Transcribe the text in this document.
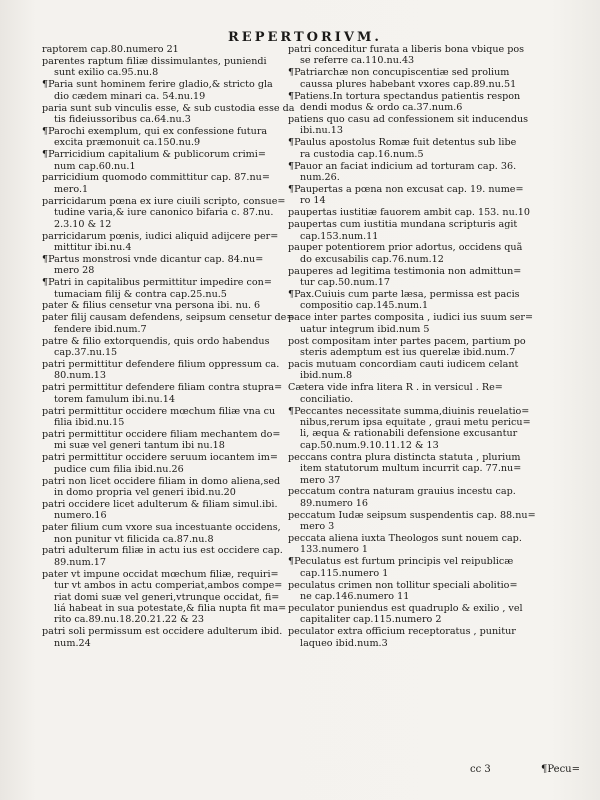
REPERTORIVM.
raptorem cap.80.numero 21
parentes raptum filiæ dissimulantes, puniendi

sunt exilio ca.95.nu.8
¶Paria sunt hominem ferire gladio,& stricto gla

dio cædem minari ca. 54.nu.19
paria sunt sub vinculis esse, & sub custodia esse da

tis fideiussoribus ca.64.nu.3
¶Parochi exemplum, qui ex confessione futura

excita præmonuit ca.150.nu.9
¶Parricidium capitalium & publicorum crimi=

num cap.60.nu.1
parricidium quomodo committitur cap. 87.nu=

mero.1
parricidarum pœna ex iure ciuili scripto, consue=

tudine varia,& iure canonico bifaria c. 87.nu.
2.3.10 & 12
parricidarum pœnis, iudici aliquid adijcere per=

mittitur ibi.nu.4
¶Partus monstrosi vnde dicantur cap. 84.nu=

mero 28
¶Patri in capitalibus permittitur impedire con=

tumaciam filij & contra cap.25.nu.5
pater & filius censetur vna persona ibi. nu. 6
pater filij causam defendens, seipsum censetur de=

fendere ibid.num.7
patre & filio extorquendis, quis ordo habendus

cap.37.nu.15
patri permittitur defendere filium oppressum ca.

80.num.13
patri permittitur defendere filiam contra stupra=

torem famulum ibi.nu.14
patri permittitur occidere mœchum filiæ vna cu

filia ibid.nu.15
patri permittitur occidere filiam mechantem do=

mi suæ vel generi tantum ibi nu.18
patri permittitur occidere seruum iocantem im=

pudice cum filia ibid.nu.26
patri non licet occidere filiam in domo aliena,sed

in domo propria vel generi ibid.nu.20
patri occidere licet adulterum & filiam simul.ibi.

numero.16
pater filium cum vxore sua incestuante occidens,

non punitur vt filicida ca.87.nu.8
patri adulterum filiæ in actu ius est occidere cap.

89.num.17
pater vt impune occidat mœchum filiæ, requiri=

tur vt ambos in actu comperiat,ambos compe=
riat domi suæ vel generi,vtrunque occidat, fi=
liá habeat in sua potestate,& filia nupta fit ma=
rito ca.89.nu.18.20.21.22 & 23
patri soli permissum est occidere adulterum ibid.

num.24
patri conceditur furata a liberis bona vbique pos

se referre ca.110.nu.43
¶Patriarchæ non concupiscentiæ sed prolium

caussa plures habebant vxores cap.89.nu.51
¶Patiens.In tortura spectandus patientis respon

dendi modus & ordo ca.37.num.6
patiens quo casu ad confessionem sit inducendus

ibi.nu.13
¶Paulus apostolus Romæ fuit detentus sub libe

ra custodia cap.16.num.5
¶Pauor an faciat indicium ad torturam cap. 36.

num.26.
¶Paupertas a pœna non excusat cap. 19. nume=

ro 14
paupertas iustitiæ fauorem ambit cap. 153. nu.10
paupertas cum iustitia mundana scripturis agit

cap.153.num.11
pauper potentiorem prior adortus, occidens quã

do excusabilis cap.76.num.12
pauperes ad legitima testimonia non admittun=

tur cap.50.num.17
¶Pax.Cuiuis cum parte læsa, permissa est pacis

compositio cap.145.num.1
pace inter partes composita , iudici ius suum ser=

uatur integrum ibid.num 5
post compositam inter partes pacem, partium po

steris ademptum est ius querelæ ibid.num.7
pacis mutuam concordiam cauti iudicem celant

ibid.num.8
Cætera vide infra litera R . in versicul . Re=

conciliatio.
¶Peccantes necessitate summa,diuinis reuelatio=

nibus,rerum ipsa equitate , graui metu pericu=
li, æqua & rationabili defensione excusantur
cap.50.num.9.10.11.12 & 13
peccans contra plura distincta statuta , plurium

item statutorum multum incurrit cap. 77.nu=
mero 37
peccatum contra naturam grauius incestu cap.

89.numero 16
peccatum Iudæ seipsum suspendentis cap. 88.nu=

mero 3
peccata aliena iuxta Theologos sunt nouem cap.

133.numero 1
¶Peculatus est furtum principis vel reipublicæ

cap.115.numero 1
peculatus crimen non tollitur speciali abolitio=

ne cap.146.numero 11
peculator puniendus est quadruplo & exilio , vel

capitaliter cap.115.numero 2
peculator extra officium receptoratus , punitur

laqueo ibid.num.3
cc 3	¶Pecu=
